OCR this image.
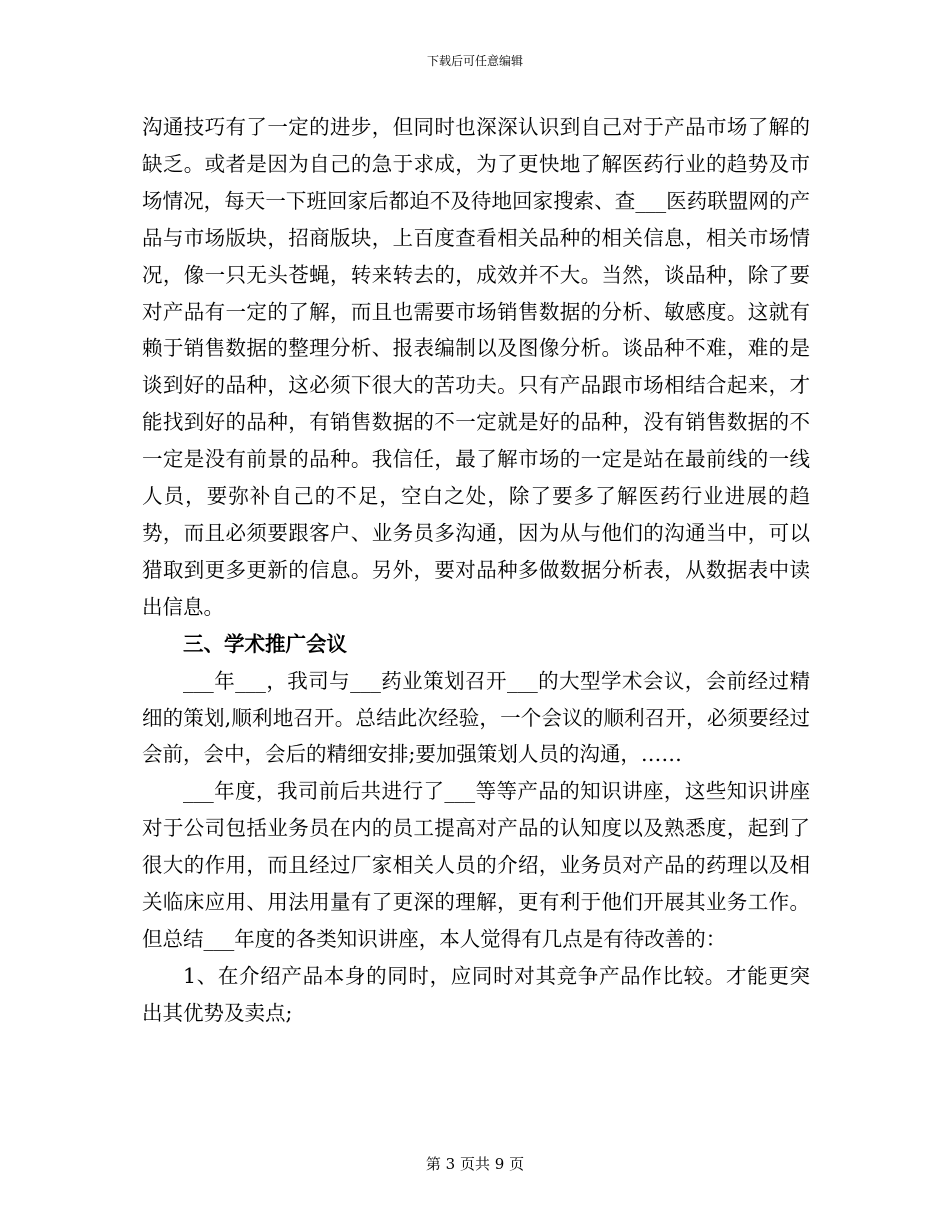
下载后可任意编辑

沟通技巧有了一定的进步，但同时也深深认识到自己对于产品市场了解的缺乏。或者是因为自己的急于求成，为了更快地了解医药行业的趋势及市场情况，每天一下班回家后都迫不及待地回家搜索、查___医药联盟网的产品与市场版块，招商版块，上百度查看相关品种的相关信息，相关市场情况，像一只无头苍蝇，转来转去的，成效并不大。当然，谈品种，除了要对产品有一定的了解，而且也需要市场销售数据的分析、敏感度。这就有赖于销售数据的整理分析、报表编制以及图像分析。谈品种不难，难的是谈到好的品种，这必须下很大的苦功夫。只有产品跟市场相结合起来，才能找到好的品种，有销售数据的不一定就是好的品种，没有销售数据的不一定是没有前景的品种。我信任，最了解市场的一定是站在最前线的一线人员，要弥补自己的不足，空白之处，除了要多了解医药行业进展的趋势，而且必须要跟客户、业务员多沟通，因为从与他们的沟通当中，可以猎取到更多更新的信息。另外，要对品种多做数据分析表，从数据表中读出信息。

三、学术推广会议

___年___，我司与___药业策划召开___的大型学术会议，会前经过精细的策划,顺利地召开。总结此次经验，一个会议的顺利召开，必须要经过会前，会中，会后的精细安排;要加强策划人员的沟通，……

___年度，我司前后共进行了___等等产品的知识讲座，这些知识讲座对于公司包括业务员在内的员工提高对产品的认知度以及熟悉度，起到了很大的作用，而且经过厂家相关人员的介绍，业务员对产品的药理以及相关临床应用、用法用量有了更深的理解，更有利于他们开展其业务工作。但总结___年度的各类知识讲座，本人觉得有几点是有待改善的：

1、在介绍产品本身的同时，应同时对其竞争产品作比较。才能更突出其优势及卖点;

第 3 页共 9 页
